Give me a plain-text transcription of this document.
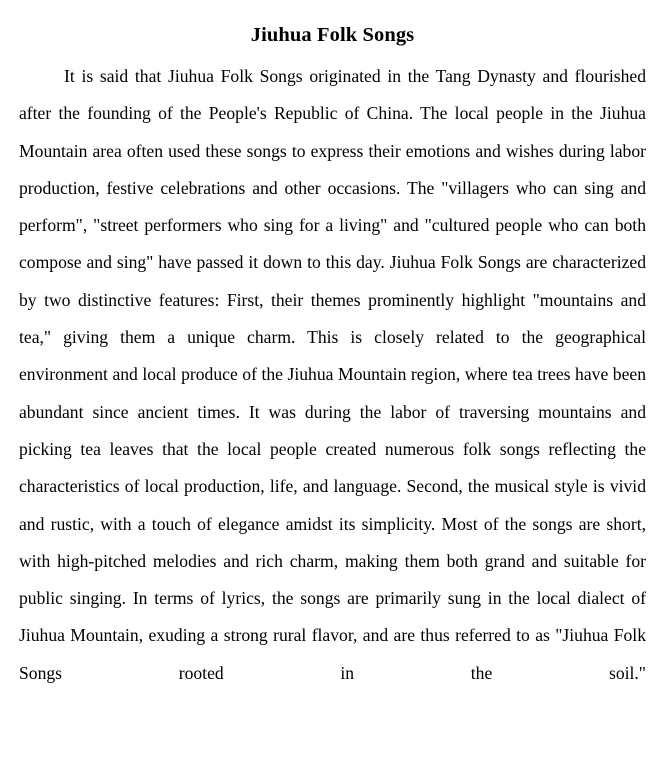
Jiuhua Folk Songs

It is said that Jiuhua Folk Songs originated in the Tang Dynasty and flourished after the founding of the People's Republic of China. The local people in the Jiuhua Mountain area often used these songs to express their emotions and wishes during labor production, festive celebrations and other occasions. The "villagers who can sing and perform", "street performers who sing for a living" and "cultured people who can both compose and sing" have passed it down to this day. Jiuhua Folk Songs are characterized by two distinctive features: First, their themes prominently highlight "mountains and tea," giving them a unique charm. This is closely related to the geographical environment and local produce of the Jiuhua Mountain region, where tea trees have been abundant since ancient times. It was during the labor of traversing mountains and picking tea leaves that the local people created numerous folk songs reflecting the characteristics of local production, life, and language. Second, the musical style is vivid and rustic, with a touch of elegance amidst its simplicity. Most of the songs are short, with high-pitched melodies and rich charm, making them both grand and suitable for public singing. In terms of lyrics, the songs are primarily sung in the local dialect of Jiuhua Mountain, exuding a strong rural flavor, and are thus referred to as "Jiuhua Folk Songs rooted in the soil."
